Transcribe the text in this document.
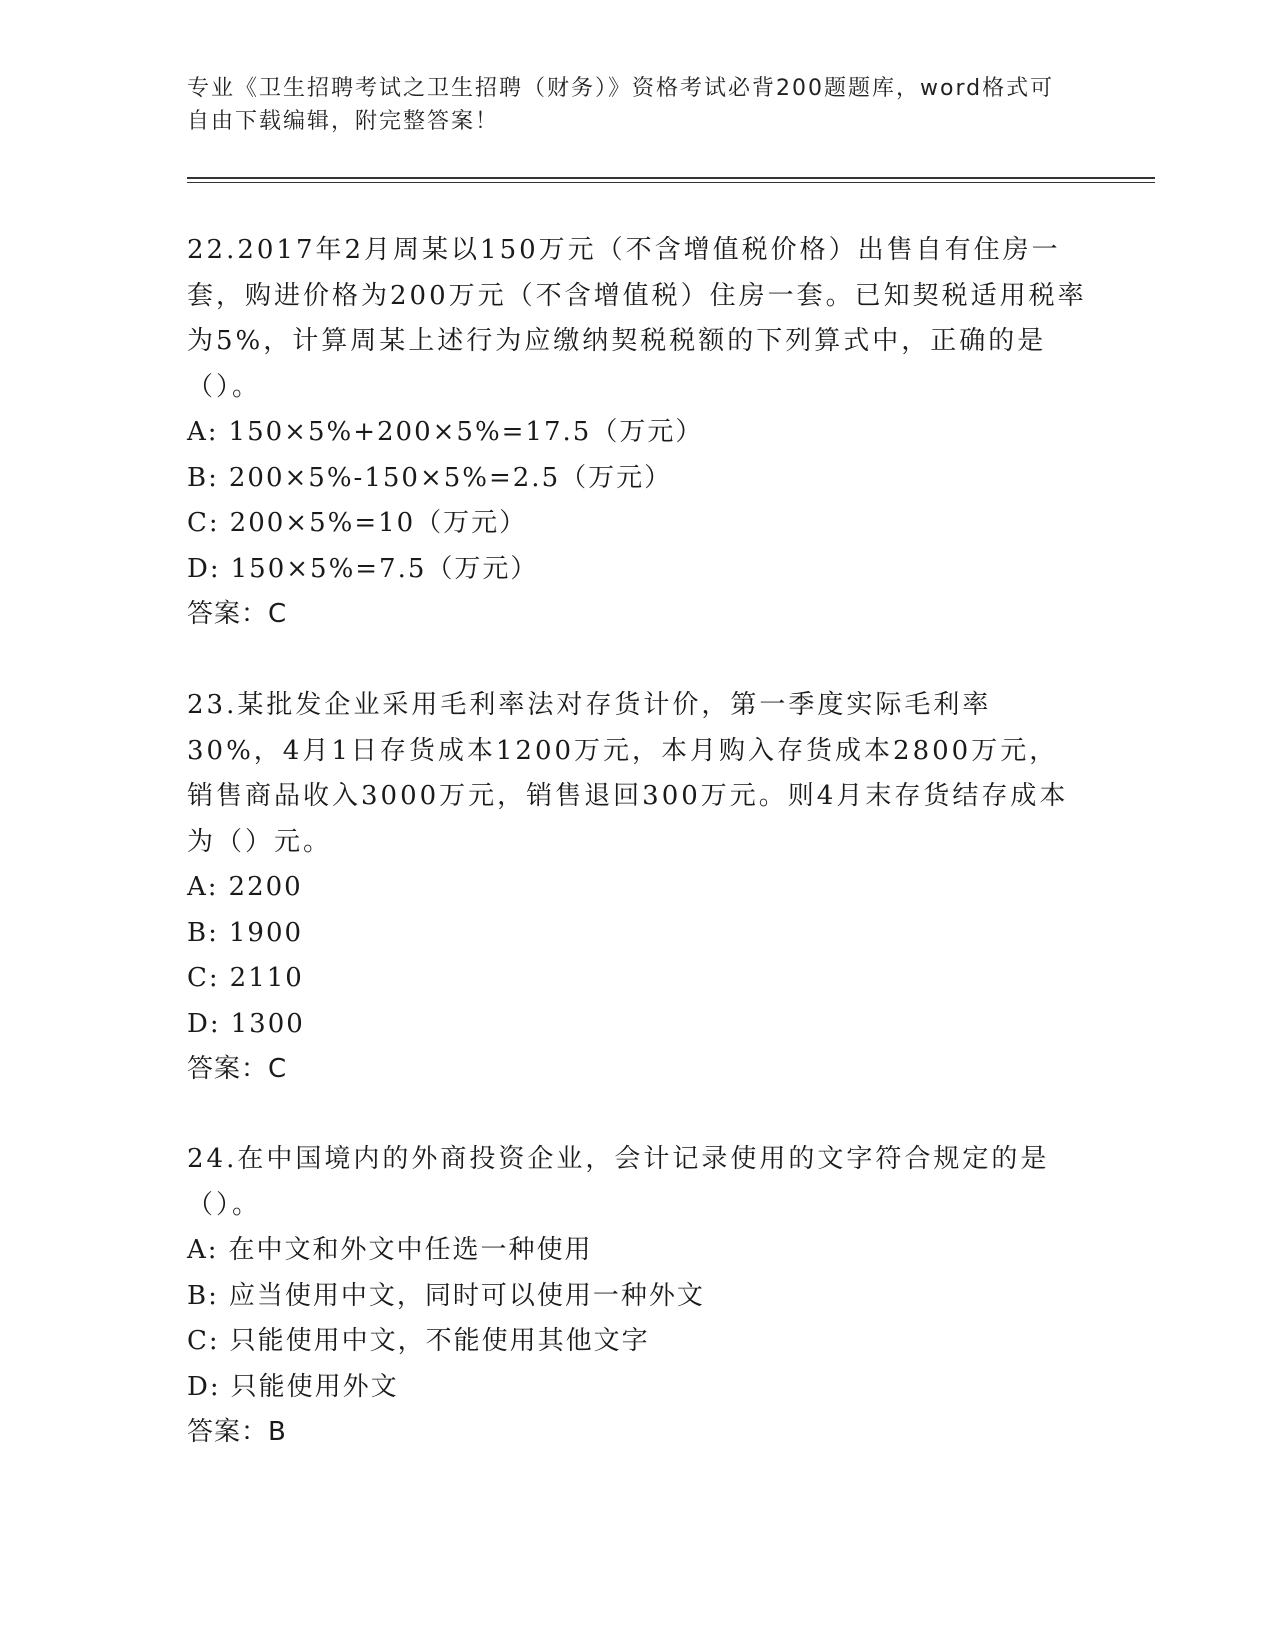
专业《卫生招聘考试之卫生招聘（财务）》资格考试必背200题题库，word格式可自由下载编辑，附完整答案！

22.2017年2月周某以150万元（不含增值税价格）出售自有住房一套，购进价格为200万元（不含增值税）住房一套。已知契税适用税率为5%，计算周某上述行为应缴纳契税税额的下列算式中，正确的是（）。

A: 150×5%+200×5%=17.5（万元）
B: 200×5%-150×5%=2.5（万元）
C: 200×5%=10（万元）
D: 150×5%=7.5（万元）
答案：C

23.某批发企业采用毛利率法对存货计价，第一季度实际毛利率30%，4月1日存货成本1200万元，本月购入存货成本2800万元，销售商品收入3000万元，销售退回300万元。则4月末存货结存成本为（）元。

A: 2200
B: 1900
C: 2110
D: 1300
答案：C

24.在中国境内的外商投资企业，会计记录使用的文字符合规定的是（）。

A: 在中文和外文中任选一种使用
B: 应当使用中文，同时可以使用一种外文
C: 只能使用中文，不能使用其他文字
D: 只能使用外文
答案：B
